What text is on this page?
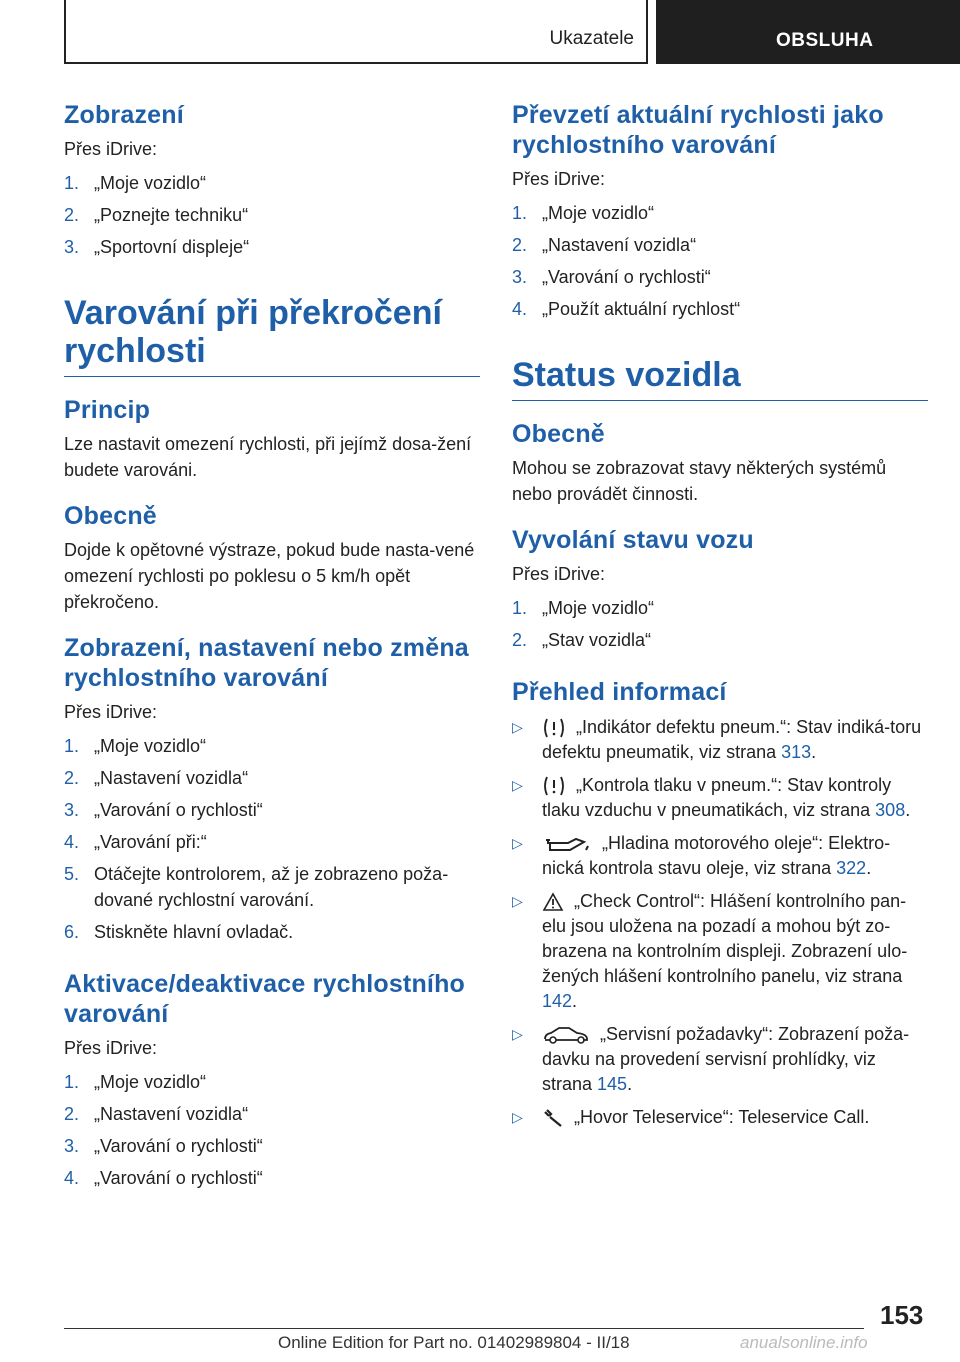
Ukazatele	OBSLUHA
Zobrazení

Přes iDrive:

1. „Moje vozidlo“
2. „Poznejte techniku“
3. „Sportovní displeje“
Varování při překročení rychlosti
Princip

Lze nastavit omezení rychlosti, při jejímž dosa-žení budete varováni.

Obecně

Dojde k opětovné výstraze, pokud bude nasta-vené omezení rychlosti po poklesu o 5 km/h opět překročeno.

Zobrazení, nastavení nebo změna rychlostního varování

Přes iDrive:

1. „Moje vozidlo“
2. „Nastavení vozidla“
3. „Varování o rychlosti“
4. „Varování při:“
5. Otáčejte kontrolorem, až je zobrazeno poža-dované rychlostní varování.
6. Stiskněte hlavní ovladač.
Aktivace/deaktivace rychlostního varování

Přes iDrive:

1. „Moje vozidlo“
2. „Nastavení vozidla“
3. „Varování o rychlosti“
4. „Varování o rychlosti“
Převzetí aktuální rychlosti jako rychlostního varování

Přes iDrive:

1. „Moje vozidlo“
2. „Nastavení vozidla“
3. „Varování o rychlosti“
4. „Použít aktuální rychlost“
Status vozidla
Obecně

Mohou se zobrazovat stavy některých systémů nebo provádět činnosti.

Vyvolání stavu vozu

Přes iDrive:

1. „Moje vozidlo“
2. „Stav vozidla“
Přehled informací
▷	„Indikátor defektu pneum.“: Stav indiká-toru defektu pneumatik, viz strana 313.
▷	„Kontrola tlaku v pneum.“: Stav kontroly tlaku vzduchu v pneumatikách, viz strana 308.
▷	„Hladina motorového oleje“: Elektro-nická kontrola stavu oleje, viz strana 322.
▷	„Check Control“: Hlášení kontrolního pan-elu jsou uložena na pozadí a mohou být zo-brazena na kontrolním displeji. Zobrazení ulo-žených hlášení kontrolního panelu, viz strana 142.
▷	„Servisní požadavky“: Zobrazení poža-davku na provedení servisní prohlídky, viz strana 145.
▷	„Hovor Teleservice“: Teleservice Call.
153
Online Edition for Part no. 01402989804 - II/18	anualsonline.info
